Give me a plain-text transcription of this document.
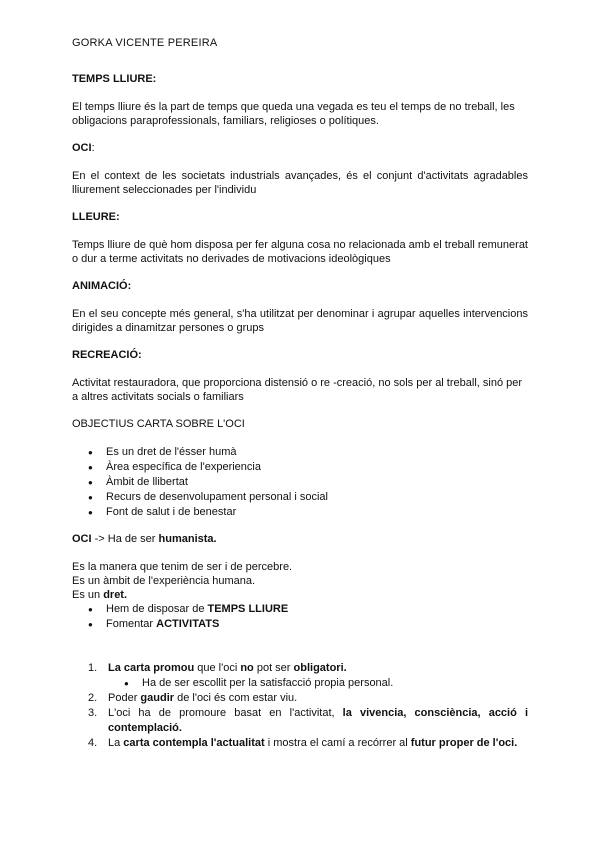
GORKA VICENTE PEREIRA
TEMPS LLIURE:
El temps lliure és la part de temps que queda una vegada es teu el temps de no treball, les obligacions paraprofessionals, familiars, religioses o polítiques.
OCI:
En el context de les societats industrials avançades, és el conjunt d'activitats agradables lliurement seleccionades per l'individu
LLEURE:
Temps lliure de què hom disposa per fer alguna cosa no relacionada amb el treball remunerat o dur a terme activitats no derivades de motivacions ideològiques
ANIMACIÓ:
En el seu concepte més general, s'ha utilitzat per denominar i agrupar aquelles intervencions dirigides a dinamitzar persones o grups
RECREACIÓ:
Activitat restauradora, que proporciona distensió o re -creació, no sols per al treball, sinó per a altres activitats socials o familiars
OBJECTIUS CARTA SOBRE L'OCI
● Es un dret de l'ésser humà
● Àrea específica de l'experiencia
● Àmbit de llibertat
● Recurs de desenvolupament personal i social
● Font de salut i de benestar
OCI -> Ha de ser humanista.
Es la manera que tenim de ser i de percebre.
Es un àmbit de l'experiència humana.
Es un dret.
● Hem de disposar de TEMPS LLIURE
● Fomentar ACTIVITATS
1. La carta promou que l'oci no pot ser obligatori.
● Ha de ser escollit per la satisfacció propia personal.
2. Poder gaudir de l'oci és com estar viu.
3. L'oci ha de promoure basat en l'activitat, la vivencia, consciència, acció i contemplació.
4. La carta contempla l'actualitat i mostra el camí a recórrer al futur proper de l'oci.
